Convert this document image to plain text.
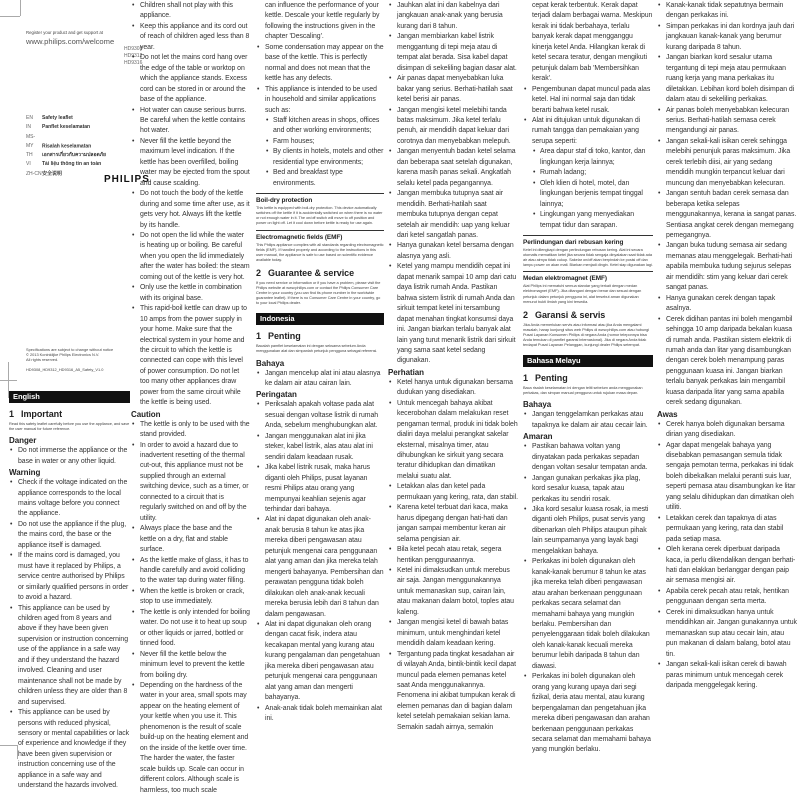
Register your product and get support at
www.philips.com/welcome
HD9308
HD9312
HD9316
EN Safety leaflet
IN Panflet keselamatan
MS-MY Risalah keselamatan
TH เอกสารเกี่ยวกับความปลอดภัย
VI Tài liệu thông tin an toàn
ZH-CN安全说明
PHILIPS
Specifications are subject to change without notice
© 2013 Koninklijke Philips Electronics N.V.
All rights reserved.
HD9308_HD9312_HD9316_A5_Safety_V1.0
English
1 Important
Read this safety leaflet carefully before you use the appliance, and save the user manual for future reference.
Danger
• Do not immerse the appliance or the base in water or any other liquid.
Warning
• Check if the voltage indicated on the appliance corresponds to the local mains voltage before you connect the appliance.
• Do not use the appliance if the plug, the mains cord, the base or the appliance itself is damaged.
• If the mains cord is damaged, you must have it replaced by Philips, a service centre authorised by Philips or similarly qualified persons in order to avoid a hazard.
• This appliance can be used by children aged from 8 years and above if they have been given supervision or instruction concerning use of the appliance in a safe way and if they understand the hazard involved. Cleaning and user maintenance shall not be made by children unless they are older than 8 and supervised.
• This appliance can be used by persons with reduced physical, sensory or mental capabilities or lack of experience and knowledge if they have been given supervision or instruction concerning use of the appliance in a safe way and understand the hazards involved.
• Children shall not play with this appliance.
• Keep this appliance and its cord out of reach of children aged less than 8 year.
• Do not let the mains cord hang over the edge of the table or worktop on which the appliance stands. Excess cord can be stored in or around the base of the appliance.
• Hot water can cause serious burns. Be careful when the kettle contains hot water.
• Never fill the kettle beyond the maximum level indication. If the kettle has been overfilled, boiling water may be ejected from the spout and cause scalding.
• Do not touch the body of the kettle during and some time after use, as it gets very hot. Always lift the kettle by its handle.
• Do not open the lid while the water is heating up or boiling. Be careful when you open the lid immediately after the water has boiled: the steam coming out of the kettle is very hot.
• Only use the kettle in combination with its original base.
• This rapid-boil kettle can draw up to 10 amps from the power supply in your home. Make sure that the electrical system in your home and the circuit to which the kettle is connected can cope with this level of power consumption. Do not let too many other appliances draw power from the same circuit while the kettle is being used.
Caution
• The kettle is only to be used with the stand provided.
• In order to avoid a hazard due to inadvertent resetting of the thermal cut-out, this appliance must not be supplied through an external switching device, such as a timer, or connected to a circuit that is regularly switched on and off by the utility.
• Always place the base and the kettle on a dry, flat and stable surface.
• As the kettle make of glass, it has to handle carefully and avoid colliding to the water tap during water filling.
• When the kettle is broken or crack, stop to use immediately.
• The kettle is only intended for boiling water. Do not use it to heat up soup or other liquids or jarred, bottled or tinned food.
• Never fill the kettle below the minimum level to prevent the kettle from boiling dry.
• Depending on the hardness of the water in your area, small spots may appear on the heating element of your kettle when you use it. This phenomenon is the result of scale build-up on the heating element and on the inside of the kettle over time. The harder the water, the faster scale builds up. Scale can occur in different colors. Although scale is harmless, too much scale
can influence the performance of your kettle. Descale your kettle regularly by following the instructions given in the chapter 'Descaling'.
• Some condensation may appear on the base of the kettle. This is perfectly normal and does not mean that the kettle has any defects.
• This appliance is intended to be used in household and similar applications such as:
• Staff kitchen areas in shops, offices and other working environments;
• Farm houses;
• By clients in hotels, motels and other residential type environments;
• Bed and breakfast type environments.
Boil-dry protection
This kettle is equipped with boil-dry protection. This device automatically switches off the kettle if it is accidentally switched on when there is no water or not enough water in it. The on/off switch will move to off position and power on light off. Let it cool down before kettle is ready for use again.
Electromagnetic fields (EMF)
This Philips appliance complies with all standards regarding electromagnetic fields (EMF). If handled properly and according to the instructions in this user manual, the appliance is safe to use based on scientific evidence available today.
2 Guarantee & service
If you need service or information or if you have a problem, please visit the Philips website at www.philips.com or contact the Philips Consumer Care Centre in your country (you can find its phone number in the worldwide guarantee leaflet). If there is no Consumer Care Centre in your country, go to your local Philips dealer.
Indonesia
1 Penting
Bacalah pamflet keselamatan ini dengan seksama sebelum Anda menggunakan alat dan simpanlah petunjuk pengguna sebagai referensi.
Bahaya
• Jangan mencelup alat ini atau alasnya ke dalam air atau cairan lain.
Peringatan
• Periksalah apakah voltase pada alat sesuai dengan voltase listrik di rumah Anda, sebelum menghubungkan alat.
• Jangan menggunakan alat ini jika steker, kabel listrik, alas atau alat ini sendiri dalam keadaan rusak.
• Jika kabel listrik rusak, maka harus diganti oleh Philips, pusat layanan resmi Philips atau orang yang mempunyai keahlian sejenis agar terhindar dari bahaya.
• Alat ini dapat digunakan oleh anak-anak berusia 8 tahun ke atas jika mereka diberi pengawasan atau petunjuk mengenai cara penggunaan alat yang aman dan jika mereka telah mengerti bahayanya. Pembersihan dan perawatan pengguna tidak boleh dilakukan oleh anak-anak kecuali mereka berusia lebih dari 8 tahun dan dalam pengawasan.
• Alat ini dapat digunakan oleh orang dengan cacat fisik, indera atau kecakapan mental yang kurang atau kurang pengalaman dan pengetahuan jika mereka diberi pengawasan atau petunjuk mengenai cara penggunaan alat yang aman dan mengerti bahayanya.
• Anak-anak tidak boleh memainkan alat ini.
• Jauhkan alat ini dan kabelnya dari jangkauan anak-anak yang berusia kurang dari 8 tahun.
• Jangan membiarkan kabel listrik menggantung di tepi meja atau di tempat alat berada. Sisa kabel dapat disimpan di sekeliling bagian dasar alat.
• Air panas dapat menyebabkan luka bakar yang serius. Berhati-hatilah saat ketel berisi air panas.
• Jangan mengisi ketel melebihi tanda batas maksimum. Jika ketel terlalu penuh, air mendidih dapat keluar dari corotnya dan menyebabkan melepuh.
• Jangan menyentuh badan ketel selama dan beberapa saat setelah digunakan, karena masih panas sekali. Angkatlah selalu ketel pada pegangannya.
• Jangan membuka tutupnya saat air mendidih. Berhati-hatilah saat membuka tutupnya dengan cepat setelah air mendidih: uap yang keluar dari ketel sangatlah panas.
• Hanya gunakan ketel bersama dengan alasnya yang asli.
• Ketel yang mampu mendidih cepat ini dapat menarik sampai 10 amp dari catu daya listrik rumah Anda. Pastikan bahwa sistem listrik di rumah Anda dan sirkuit tempat ketel ini tersambung dapat menahan tingkat konsumsi daya ini. Jangan biarkan terlalu banyak alat lain yang turut menarik listrik dari sirkuit yang sama saat ketel sedang digunakan.
Perhatian
• Ketel hanya untuk digunakan bersama dudukan yang disediakan.
• Untuk mencegah bahaya akibat kecerobohan dalam melakukan reset pengaman termal, produk ini tidak boleh dialiri daya melalui perangkat sakelar eksternal, misalnya timer, atau dihubungkan ke sirkuit yang secara teratur dihidupkan dan dimatikan melalui suatu alat.
• Letakkan alas dan ketel pada permukaan yang kering, rata, dan stabil.
• Karena ketel terbuat dari kaca, maka harus dipegang dengan hati-hati dan jangan sampai membentur keran air selama pengisian air.
• Bila ketel pecah atau retak, segera hentikan penggunaannya.
• Ketel ini dimaksudkan untuk merebus air saja. Jangan menggunakannya untuk memanaskan sup, cairan lain, atau makanan dalam botol, toples atau kaleng.
• Jangan mengisi ketel di bawah batas minimum, untuk menghindari ketel mendidih dalam keadaan kering.
• Tergantung pada tingkat kesadahan air di wilayah Anda, bintik-bintik kecil dapat muncul pada elemen pemanas ketel saat Anda menggunakannya. Fenomena ini akibat tumpukan kerak di elemen pemanas dan di bagian dalam ketel setelah pemakaian sekian lama. Semakin sadah airnya, semakin
cepat kerak terbentuk. Kerak dapat terjadi dalam berbagai warna. Meskipun kerak ini tidak berbahaya, terlalu banyak kerak dapat mengganggu kinerja ketel Anda. Hilangkan kerak di ketel secara teratur, dengan mengikuti petunjuk dalam bab 'Membersihkan kerak'.
• Pengembunan dapat muncul pada alas ketel. Hal ini normal saja dan tidak berarti bahwa ketel rusak.
• Alat ini ditujukan untuk digunakan di rumah tangga dan pemakaian yang serupa seperti:
• Area dapur staf di toko, kantor, dan lingkungan kerja lainnya;
• Rumah ladang;
• Oleh klien di hotel, motel, dan lingkungan berjenis tempat tinggal lainnya;
• Lingkungan yang menyediakan tempat tidur dan sarapan.
Perlindungan dari rebusan kering
Ketel ini dilengkapi dengan perlindungan rebusan kering. Alat ini secara otomatis mematikan ketel jika secara tidak sengaja dinyalakan saat tidak ada air atau airnya tidak cukup. Sakelar on/off akan berpindah ke posisi off dan lampu power on akan mati. Biarkan menjadi dingin. Ketel siap digunakan lagi.
Medan elektromagnet (EMF)
Alat Philips ini mematuhi semua standar yang terkait dengan medan elektromagnet (EMF). Jika ditangani dengan benar dan sesuai dengan petunjuk dalam petunjuk pengguna ini, alat tersebut aman digunakan menurut bukti ilmiah yang kini tersedia.
2 Garansi & servis
Jika Anda memerlukan servis atau informasi atau jika Anda mengalami masalah, harap kunjungi situs web Philips di www.philips.com atau hubungi Pusat Layanan Konsumen Philips di negara Anda (nomor teleponnya bisa Anda temukan di pamflet garansi internasional). Jika di negara Anda tidak terdapat Pusat Layanan Pelanggan, kunjungi dealer Philips setempat.
Bahasa Melayu
1 Penting
Baca risalah keselamatan ini dengan teliti sebelum anda menggunakan perkakas, dan simpan manual pengguna untuk rujukan masa depan.
Bahaya
• Jangan tenggelamkan perkakas atau tapaknya ke dalam air atau cecair lain.
Amaran
• Pastikan bahawa voltan yang dinyatakan pada perkakas sepadan dengan voltan sesalur tempatan anda.
• Jangan gunakan perkakas jika plag, kord sesalur kuasa, tapak atau perkakas itu sendiri rosak.
• Jika kord sesalur kuasa rosak, ia mesti diganti oleh Philips, pusat servis yang dibenarkan oleh Philips ataupun pihak lain seumpamanya yang layak bagi mengelakkan bahaya.
• Perkakas ini boleh digunakan oleh kanak-kanak berumur 8 tahun ke atas jika mereka telah diberi pengawasan atau arahan berkenaan penggunaan perkakas secara selamat dan memahami bahaya yang mungkin berlaku. Pembersihan dan penyelenggaraan tidak boleh dilakukan oleh kanak-kanak kecuali mereka berumur lebih daripada 8 tahun dan diawasi.
• Perkakas ini boleh digunakan oleh orang yang kurang upaya dari segi fizikal, deria atau mental, atau kurang berpengalaman dan pengetahuan jika mereka diberi pengawasan dan arahan berkenaan penggunaan perkakas secara selamat dan memahami bahaya yang mungkin berlaku.
• Kanak-kanak tidak sepatutnya bermain dengan perkakas ini.
• Simpan perkakas ini dan kordnya jauh dari jangkauan kanak-kanak yang berumur kurang daripada 8 tahun.
• Jangan biarkan kord sesalur utama tergantung di tepi meja atau permukaan ruang kerja yang mana perkakas itu diletakkan. Lebihan kord boleh disimpan di dalam atau di sekeliling perkakas.
• Air panas boleh menyebabkan kelecuran serius. Berhati-hatilah semasa cerek mengandungi air panas.
• Jangan sekali-kali isikan cerek sehingga melebihi penunjuk paras maksimum. Jika cerek terlebih diisi, air yang sedang mendidih mungkin terpancut keluar dari muncung dan menyebabkan kelecuran.
• Jangan sentuh badan cerek semasa dan beberapa ketika selepas menggunakannya, kerana ia sangat panas. Sentiasa angkat cerek dengan memegang pemegangnya.
• Jangan buka tudung semasa air sedang memanas atau menggelegak. Berhati-hati apabila membuka tudung sejurus selepas air mendidih: stim yang keluar dari cerek sangat panas.
• Hanya gunakan cerek dengan tapak asalnya.
• Cerek didihan pantas ini boleh mengambil sehingga 10 amp daripada bekalan kuasa di rumah anda. Pastikan sistem elektrik di rumah anda dan litar yang disambungkan dengan cerek boleh menampung paras penggunaan kuasa ini. Jangan biarkan terlalu banyak perkakas lain mengambil kuasa daripada litar yang sama apabila cerek sedang digunakan.
Awas
• Cerek hanya boleh digunakan bersama dirian yang disediakan.
• Agar dapat mengelak bahaya yang disebabkan pemasangan semula tidak sengaja pemotan terma, perkakas ini tidak boleh dibekalkan melalui peranti suis luar, seperti pemasa atau disambungkan ke litar yang selalu dihidupkan dan dimatikan oleh utiliti.
• Letakkan cerek dan tapaknya di atas permukaan yang kering, rata dan stabil pada setiap masa.
• Oleh kerana cerek diperbuat daripada kaca, ia perlu dikendalikan dengan berhati-hati dan elakkan berlanggar dengan paip air semasa mengisi air.
• Apabila cerek pecah atau retak, hentikan penggunaan dengan serta merta.
• Cerek ini dimaksudkan hanya untuk mendidihkan air. Jangan gunakannya untuk memanaskan sup atau cecair lain, atau pun makanan di dalam balang, botol atau tin.
• Jangan sekali-kali isikan cerek di bawah paras minimum untuk mencegah cerek daripada menggelegak kering.
